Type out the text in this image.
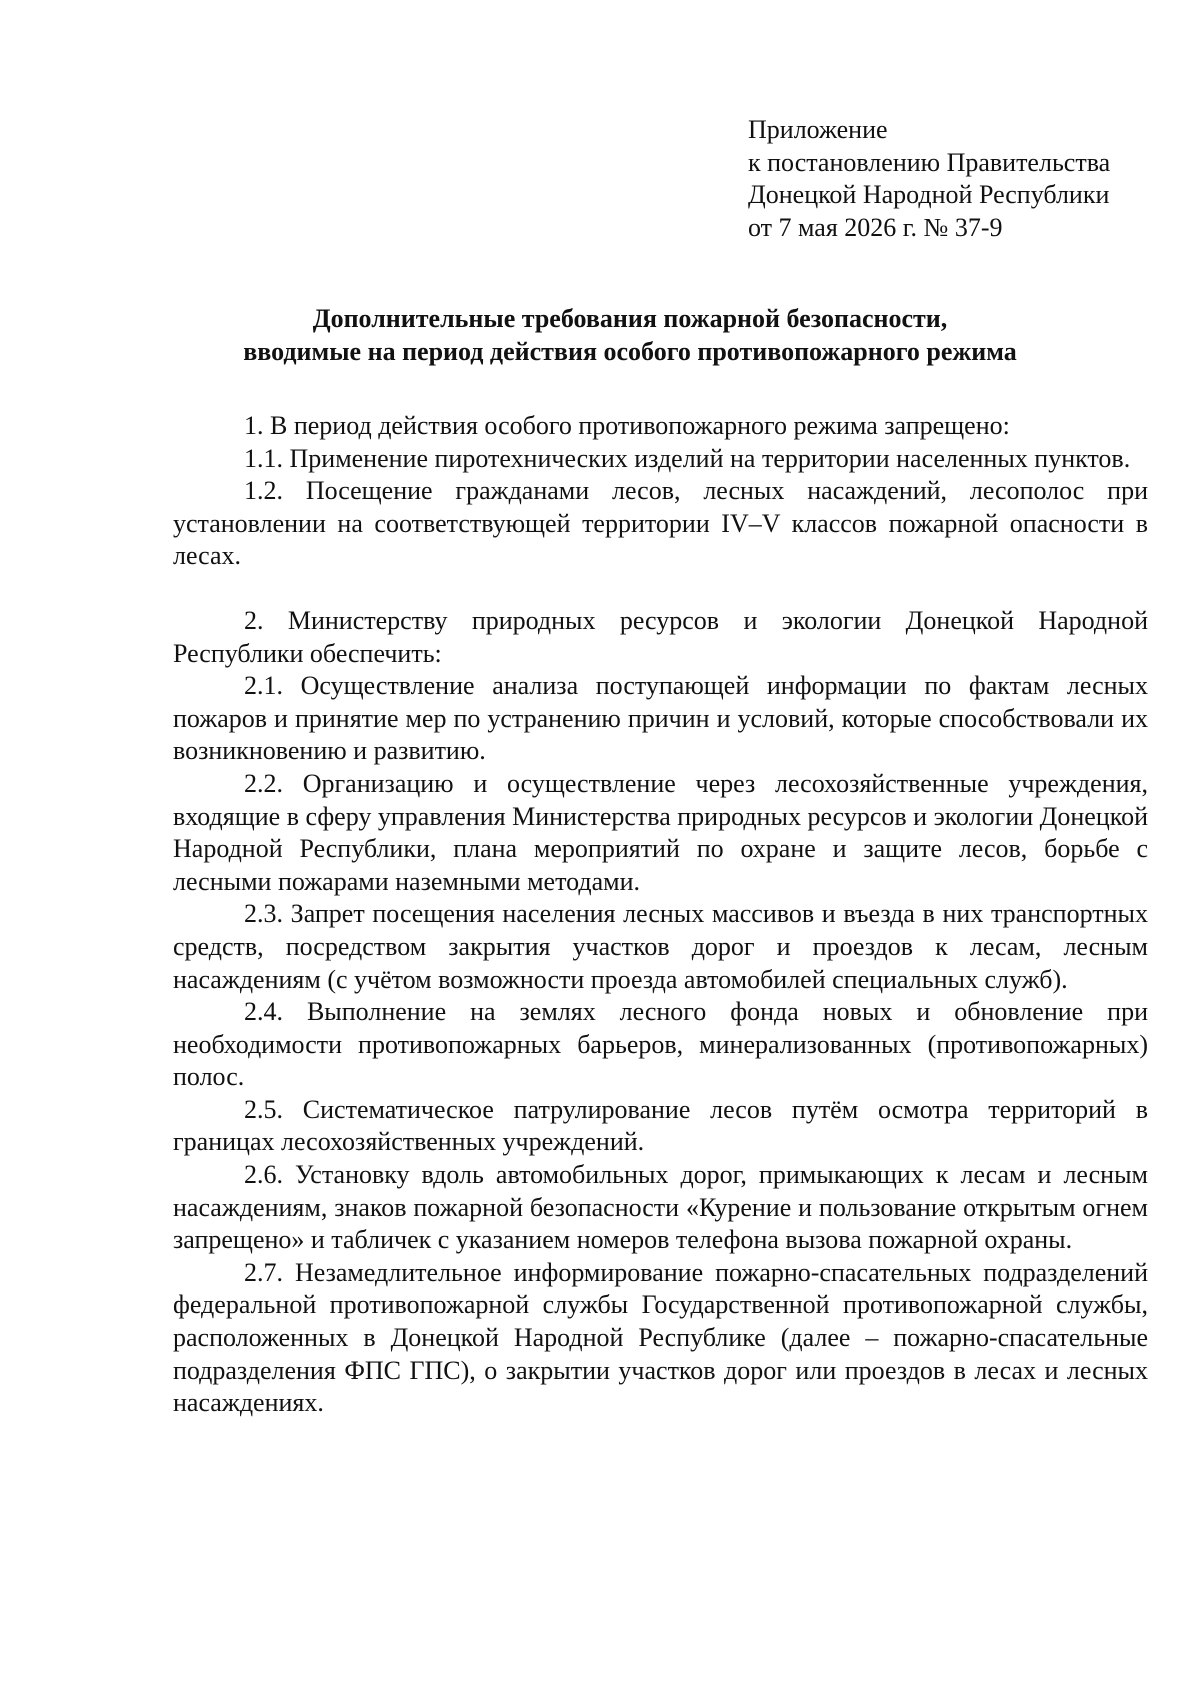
Приложение
к постановлению Правительства
Донецкой Народной Республики
от 7 мая 2026 г. № 37-9
Дополнительные требования пожарной безопасности,
вводимые на период действия особого противопожарного режима

1. В период действия особого противопожарного режима запрещено:

1.1. Применение пиротехнических изделий на территории населенных пунктов.

1.2. Посещение гражданами лесов, лесных насаждений, лесополос при установлении на соответствующей территории IV–V классов пожарной опасности в лесах.

2. Министерству природных ресурсов и экологии Донецкой Народной Республики обеспечить:

2.1. Осуществление анализа поступающей информации по фактам лесных пожаров и принятие мер по устранению причин и условий, которые способствовали их возникновению и развитию.

2.2. Организацию и осуществление через лесохозяйственные учреждения, входящие в сферу управления Министерства природных ресурсов и экологии Донецкой Народной Республики, плана мероприятий по охране и защите лесов, борьбе с лесными пожарами наземными методами.

2.3. Запрет посещения населения лесных массивов и въезда в них транспортных средств, посредством закрытия участков дорог и проездов к лесам, лесным насаждениям (с учётом возможности проезда автомобилей специальных служб).

2.4. Выполнение на землях лесного фонда новых и обновление при необходимости противопожарных барьеров, минерализованных (противопожарных) полос.

2.5. Систематическое патрулирование лесов путём осмотра территорий в границах лесохозяйственных учреждений.

2.6. Установку вдоль автомобильных дорог, примыкающих к лесам и лесным насаждениям, знаков пожарной безопасности «Курение и пользование открытым огнем запрещено» и табличек с указанием номеров телефона вызова пожарной охраны.

2.7. Незамедлительное информирование пожарно-спасательных подразделений федеральной противопожарной службы Государственной противопожарной службы, расположенных в Донецкой Народной Республике (далее – пожарно-спасательные подразделения ФПС ГПС), о закрытии участков дорог или проездов в лесах и лесных насаждениях.
